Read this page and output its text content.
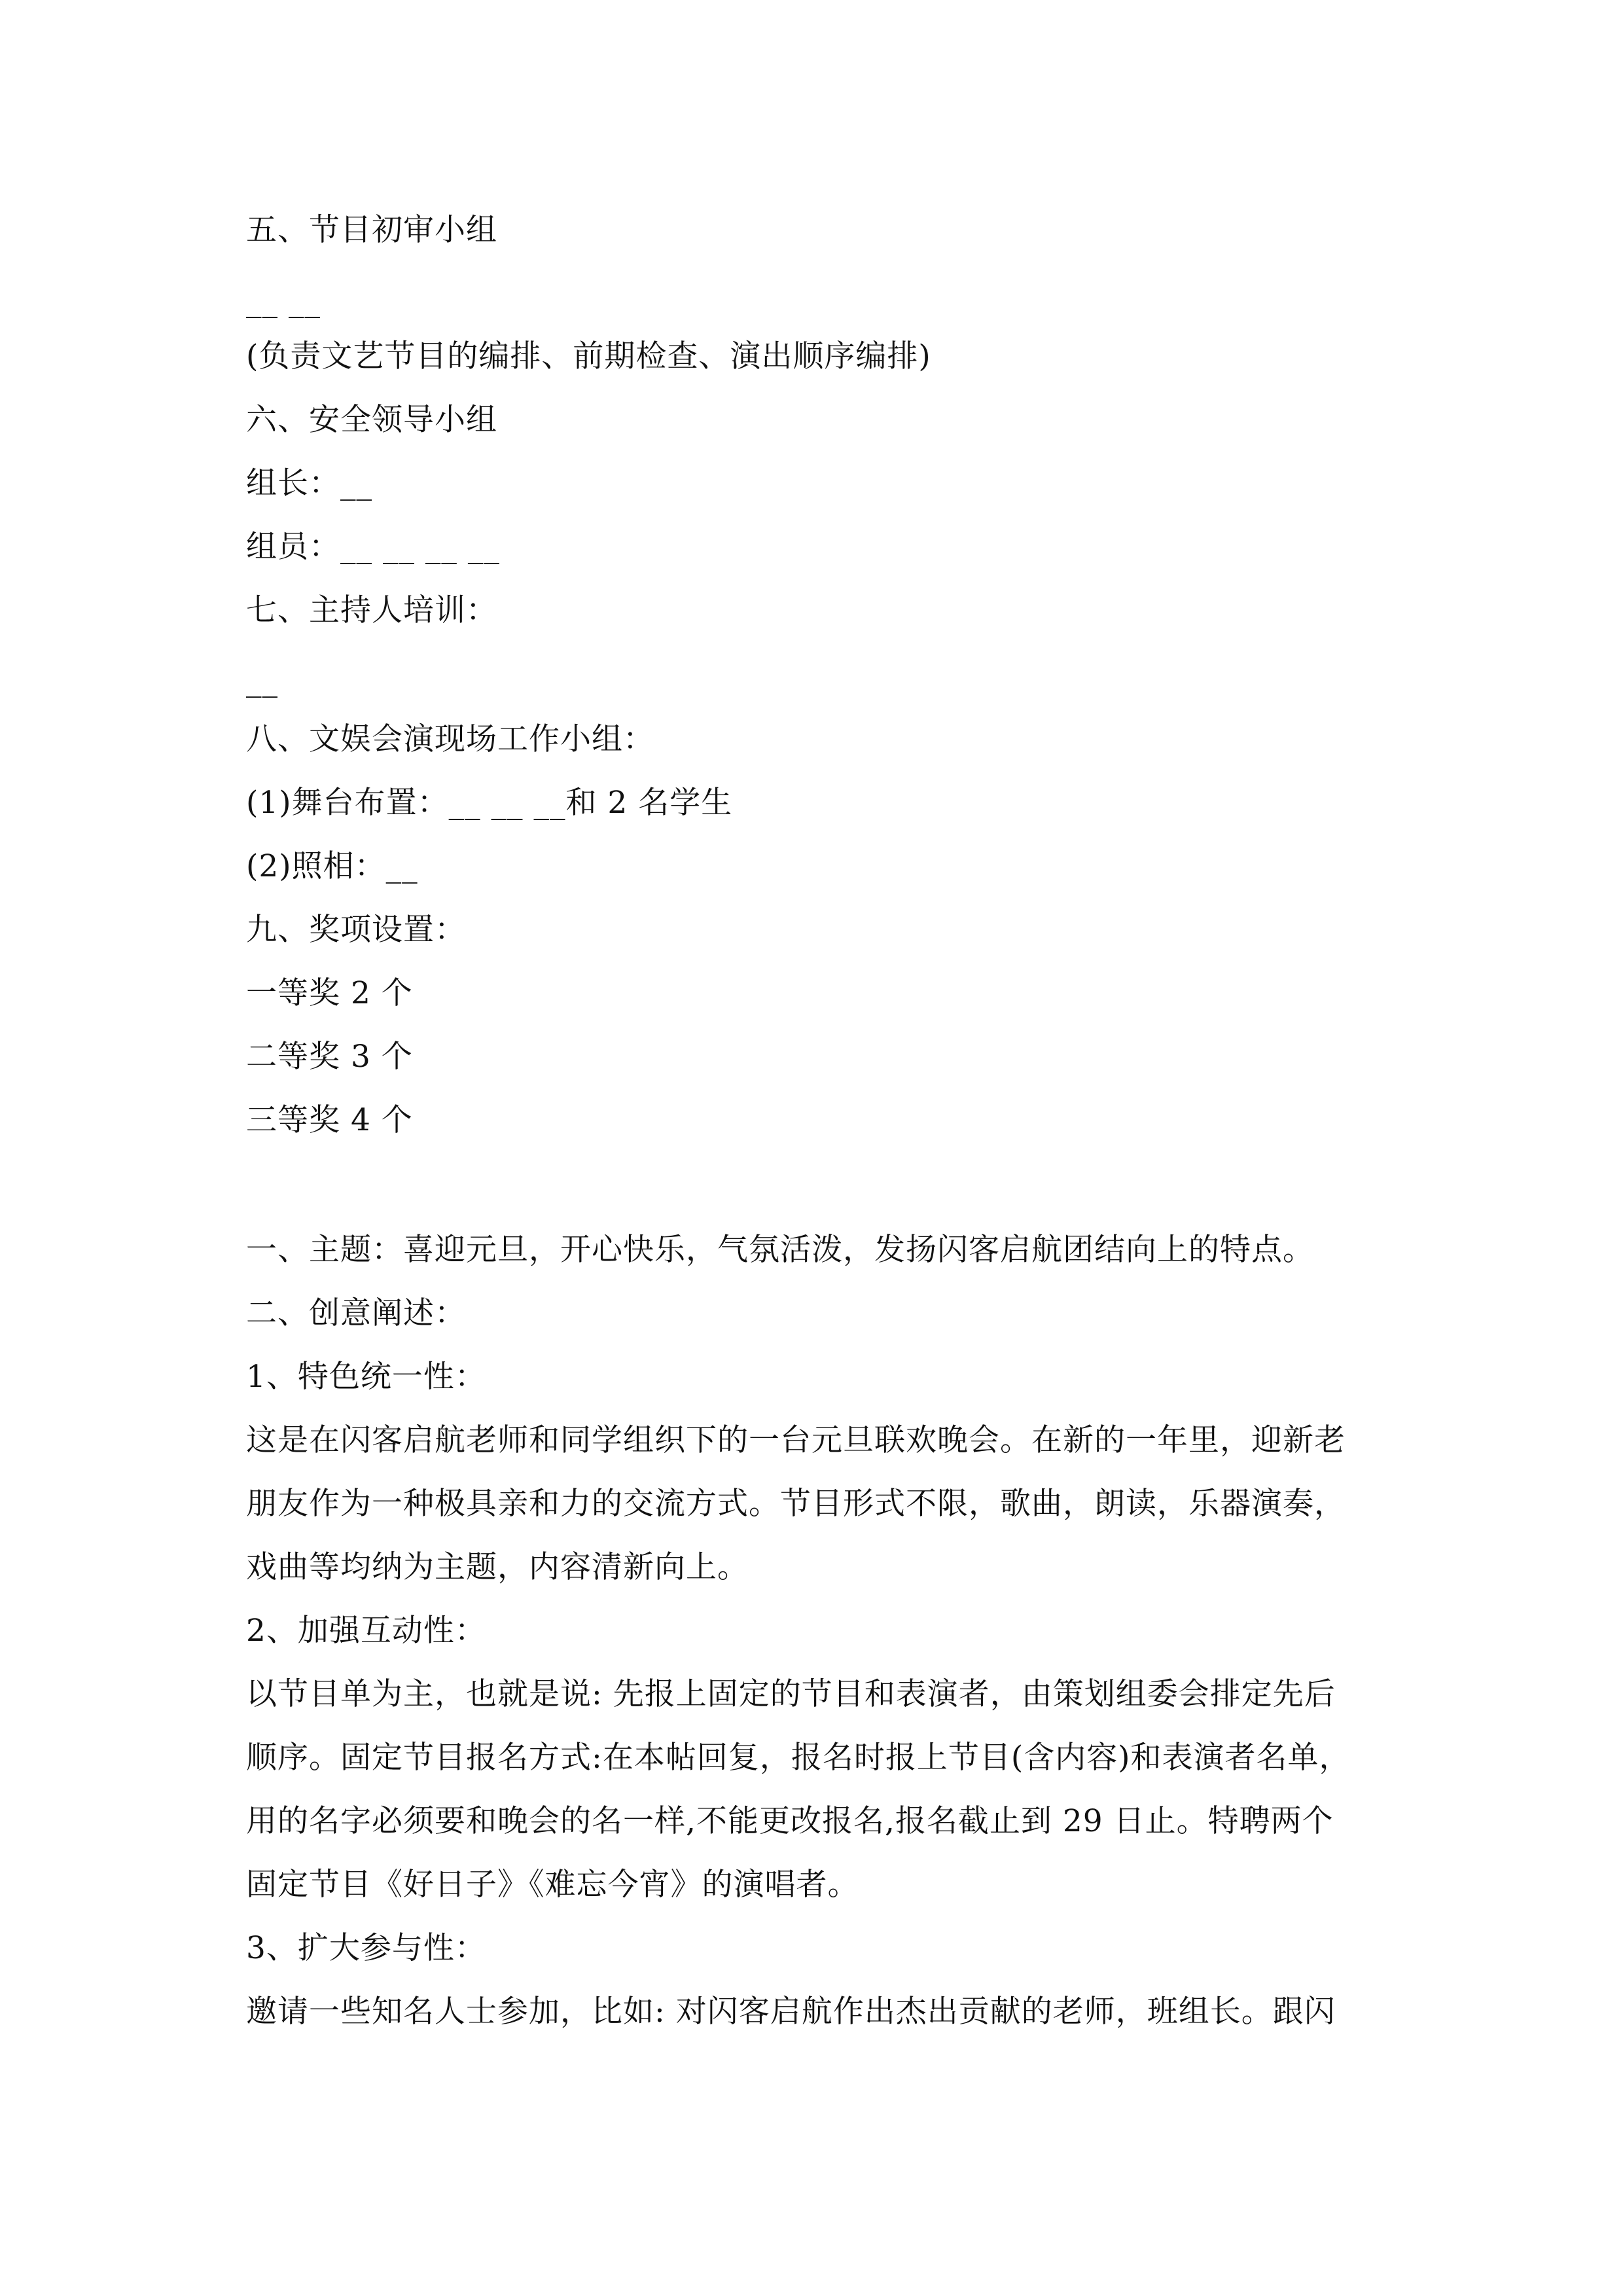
五、节目初审小组
__ __
(负责文艺节目的编排、前期检查、演出顺序编排)
六、安全领导小组
组长：__
组员：__ __ __ __
七、主持人培训：
__
八、文娱会演现场工作小组：
(1)舞台布置：__ __ __和 2 名学生
(2)照相：__
九、奖项设置：
一等奖 2 个
二等奖 3 个
三等奖 4 个
一、主题：喜迎元旦，开心快乐，气氛活泼，发扬闪客启航团结向上的特点。
二、创意阐述：
1、特色统一性：
这是在闪客启航老师和同学组织下的一台元旦联欢晚会。在新的一年里，迎新老
朋友作为一种极具亲和力的交流方式。节目形式不限，歌曲，朗读，乐器演奏，
戏曲等均纳为主题，内容清新向上。
2、加强互动性：
以节目单为主，也就是说: 先报上固定的节目和表演者，由策划组委会排定先后
顺序。固定节目报名方式:在本帖回复，报名时报上节目(含内容)和表演者名单，
用的名字必须要和晚会的名一样,不能更改报名,报名截止到 29 日止。特聘两个
固定节目《好日子》《难忘今宵》的演唱者。
3、扩大参与性：
邀请一些知名人士参加，比如: 对闪客启航作出杰出贡献的老师，班组长。跟闪
